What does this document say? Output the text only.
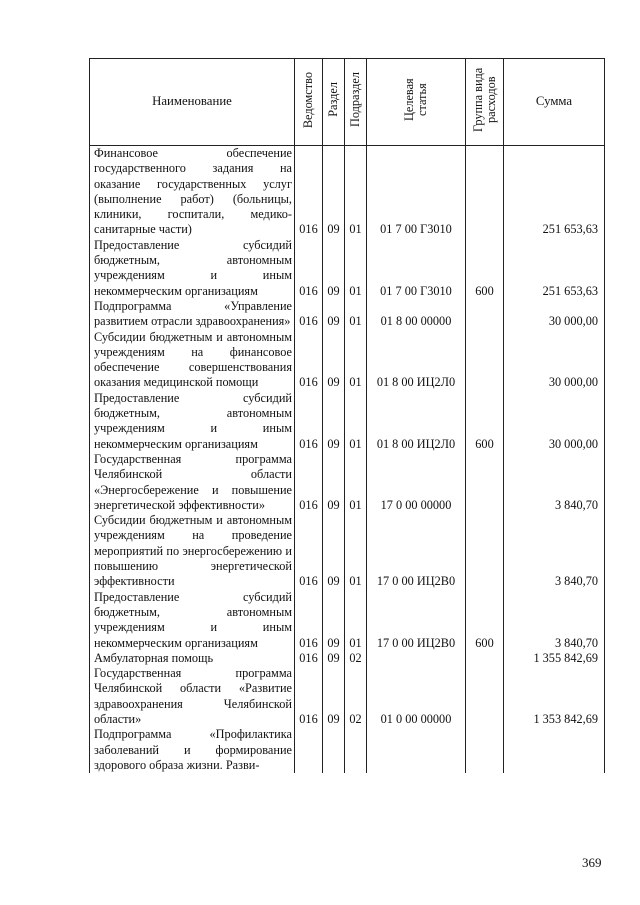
Наименование	Ведомство	Раздел	Подраздел	Целевая статья	Группа вида расходов	Сумма
Финансовое обеспечение государственного задания на оказание государственных услуг (выполнение работ) (больницы, клиники, госпитали, медико-санитарные части)	016	09	01	01 7 00 Г3010		251 653,63
Предоставление субсидий бюджетным, автономным учреждениям и иным некоммерческим организациям	016	09	01	01 7 00 Г3010	600	251 653,63
Подпрограмма «Управление развитием отрасли здравоохранения»	016	09	01	01 8 00 00000		30 000,00
Субсидии бюджетным и автономным учреждениям на финансовое обеспечение совершенствования оказания медицинской помощи	016	09	01	01 8 00 ИЦ2Л0		30 000,00
Предоставление субсидий бюджетным, автономным учреждениям и иным некоммерческим организациям	016	09	01	01 8 00 ИЦ2Л0	600	30 000,00
Государственная программа Челябинской области «Энергосбережение и повышение энергетической эффективности»	016	09	01	17 0 00 00000		3 840,70
Субсидии бюджетным и автономным учреждениям на проведение мероприятий по энергосбережению и повышению энергетической эффективности	016	09	01	17 0 00 ИЦ2В0		3 840,70
Предоставление субсидий бюджетным, автономным учреждениям и иным некоммерческим организациям	016	09	01	17 0 00 ИЦ2В0	600	3 840,70
Амбулаторная помощь	016	09	02			1 355 842,69
Государственная программа Челябинской области «Развитие здравоохранения Челябинской области»	016	09	02	01 0 00 00000		1 353 842,69
Подпрограмма «Профилактика заболеваний и формирование здорового образа жизни. Разви-						
369
